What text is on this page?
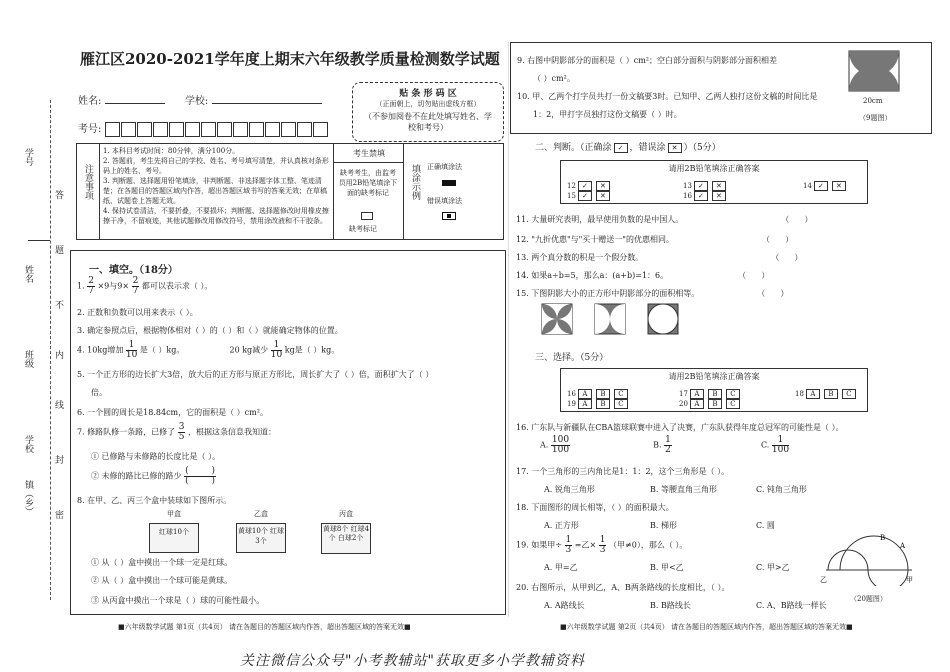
学号
答
姓名
题
班级
不
学校
内
线
封
镇（乡） 密
雁江区2020-2021学年度上期末六年级教学质量检测数学试题
姓名:	学校:
考号:
贴 条 形 码 区
（正面朝上，切勿贴出虚线方框）
（不参加阅卷不在此处填写姓名、学校和考号）
注意事项
1. 本科目考试时间：80分钟，满分100分。
2. 答题前，考生先将自己的学校、姓名、考号填写清楚，并认真核对条形码上的姓名、考号。
3. 判断题、选择题用铅笔填涂，非判断题、非选择题字体工整、笔迹清楚；在各题目的答题区域内作答，超出答题区域书写的答案无效；在草稿纸、试题卷上答题无效。
4. 保持试卷清洁，不要折叠，不要损坏；判断题、选择题修改时用橡皮擦擦干净，不留痕迹，其他试题修改用修改符号，禁用涂改液和不干胶条。
考生禁填
缺考考生，由监考员用2B铅笔填涂下面的缺考标记
缺考标记
填涂示例 正确填涂法
错误填涂法
一、填空。（18分）
1. $\frac{2}{7} \times 9$与$9\times \frac{2}{7}$ 都可以表示求（ ）。
2. 正数和负数可以用来表示（ ）。
3. 确定参照点后，根据物体相对（ ）的（ ）和（ ）就能确定物体的位置。
4. 10kg增加 $\frac{1}{10}$ 是（ ）kg。	20 kg减少 $\frac{1}{10}$ kg是（ ）kg。
5. 一个正方形的边长扩大3倍，放大后的正方形与原正方形比，周长扩大了（ ）倍，面积扩大了（ ）
倍。
6. 一个圆的周长是18.84cm，它的面积是（ ）cm²。
7. 修路队修一条路，已修了 $\frac{3}{5}$ ，根据这条信息我知道：
① 已修路与未修路的长度比是（ ）。
② 未修的路比已修的路少 $\frac{( )}{( )}$
8. 在甲、乙、丙三个盒中装球如下图所示。
甲盒
红球10个
乙盒
黄球10个 红球3个
丙盒
黄球8个 红球4个 白球2个
① 从（ ）盒中摸出一个球一定是红球。
② 从（ ）盒中摸出一个球可能是黄球。
③ 从丙盒中摸出一个球是（ ）球的可能性最小。
■六年级数学试题 第1页（共4页） 请在各题目的答题区域内作答，超出答题区域的答案无效■
9. 右图中阴影部分的面积是（ ）cm²；空白部分面积与阴影部分面积相差
（ ）cm²。
10. 甲、乙两个打字员共打一份文稿要3时。已知甲、乙两人独打这份文稿的时间比是
1：2，甲打字员独打这份文稿要（ ）时。
20cm
（9题图）
二、判断。（正确涂 ✓ ，错误涂 ✕ ）（5分）
请用2B铅笔填涂正确答案
12 ✓ ✕
15 ✓ ✕
13 ✓ ✕
16 ✓ ✕
14 ✓ ✕
11. 大量研究表明，最早使用负数的是中国人。	（      ）
12. "九折优惠"与"买十赠送一"的优惠相同。	（      ）
13. 两个真分数的积是一个假分数。	（      ）
14. 如果a÷b=5，那么a：(a+b)=1：6。	（      ）
15. 下图阴影大小的正方形中阴影部分的面积相等。	（      ）
三、选择。（5分）
请用2B铅笔填涂正确答案
16 A B C
19 A B C
17 A B C
20 A B C
18 A B C
16. 广东队与新疆队在CBA篮球联赛中进入了决赛，广东队获得年度总冠军的可能性是（ ）。
A. $\frac{100}{100}$	B. $\frac{1}{2}$	C. $\frac{1}{100}$
17. 一个三角形的三内角比是1：1：2，这个三角形是（ ）。
A. 锐角三角形	B. 等腰直角三角形	C. 钝角三角形
18. 下面图形的周长相等，（ ）的面积最大。
A. 正方形	B. 梯形	C. 圆
19. 如果甲÷ $\frac{1}{3}$ =乙× $\frac{1}{3}$ （甲≠0），那么（ ）。
A. 甲=乙	B. 甲<乙	C. 甲>乙
20. 右图所示，从甲到乙，A、B两条路线的长度相比，（ ）。
A. A路线长	B. B路线长	C. A、B路线一样长
甲
乙
A
B
（20题图）
■六年级数学试题 第2页（共4页） 请在各题目的答题区域内作答，超出答题区域的答案无效■
关注微信公众号"小考教辅站"获取更多小学教辅资料
